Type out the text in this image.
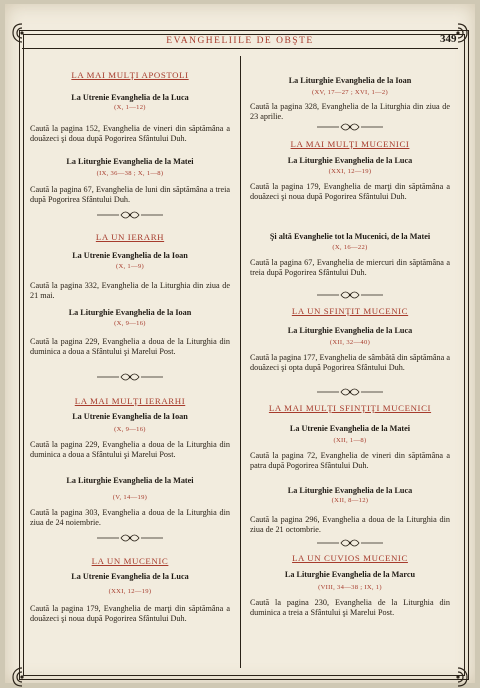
EVANGHELIILE DE OBŞTE	349
LA MAI MULŢI APOSTOLI
La Utrenie Evanghelia de la Luca
(X, 1—12)
Caută la pagina 152, Evanghelia de vineri din săptămâna a douăzeci şi doua după Pogorirea Sfântului Duh.
La Liturghie Evanghelia de la Matei
(IX, 36—38 ; X, 1—8)
Caută la pagina 67, Evanghelia de luni din săptămâna a treia după Pogorirea Sfântului Duh.
LA UN IERARH
La Utrenie Evanghelia de la Ioan
(X, 1—9)
Caută la pagina 332, Evanghelia de la Liturghia din ziua de 21 mai.
La Liturghie Evanghelia de la Ioan
(X, 9—16)
Caută la pagina 229, Evanghelia a doua de la Liturghia din duminica a doua a Sfântului şi Marelui Post.
LA MAI MULŢI IERARHI
La Utrenie Evanghelia de la Ioan
(X, 9—16)
Caută la pagina 229, Evanghelia a doua de la Liturghia din duminica a doua a Sfântului şi Marelui Post.
La Liturghie Evanghelia de la Matei
(V, 14—19)
Caută la pagina 303, Evanghelia a doua de la Liturghia din ziua de 24 noiembrie.
LA UN MUCENIC
La Utrenie Evanghelia de la Luca
(XXI, 12—19)
Caută la pagina 179, Evanghelia de marţi din săptămâna a douăzeci şi noua după Pogorirea Sfântului Duh.
La Liturghie Evanghelia de la Ioan
(XV, 17—27 ; XVI, 1—2)
Caută la pagina 328, Evanghelia de la Liturghia din ziua de 23 aprilie.
LA MAI MULŢI MUCENICI
La Liturghie Evanghelia de la Luca
(XXI, 12—19)
Caută la pagina 179, Evanghelia de marţi din săptămâna a douăzeci şi noua după Pogorirea Sfântului Duh.
Şi altă Evanghelie tot la Mucenici, de la Matei
(X, 16—22)
Caută la pagina 67, Evanghelia de miercuri din săptămâna a treia după Pogorirea Sfântului Duh.
LA UN SFINŢIT MUCENIC
La Liturghie Evanghelia de la Luca
(XII, 32—40)
Caută la pagina 177, Evanghelia de sâmbătă din săptămâna a douăzeci şi opta după Pogorirea Sfântului Duh.
LA MAI MULŢI SFINŢIŢI MUCENICI
La Utrenie Evanghelia de la Matei
(XII, 1—8)
Caută la pagina 72, Evanghelia de vineri din săptămâna a patra după Pogorirea Sfântului Duh.
La Liturghie Evanghelia de la Luca
(XII, 8—12)
Caută la pagina 296, Evanghelia a doua de la Liturghia din ziua de 21 octombrie.
LA UN CUVIOS MUCENIC
La Liturghie Evanghelia de la Marcu
(VIII, 34—38 ; IX, 1)
Caută la pagina 230, Evanghelia de la Liturghia din duminica a treia a Sfântului şi Marelui Post.
